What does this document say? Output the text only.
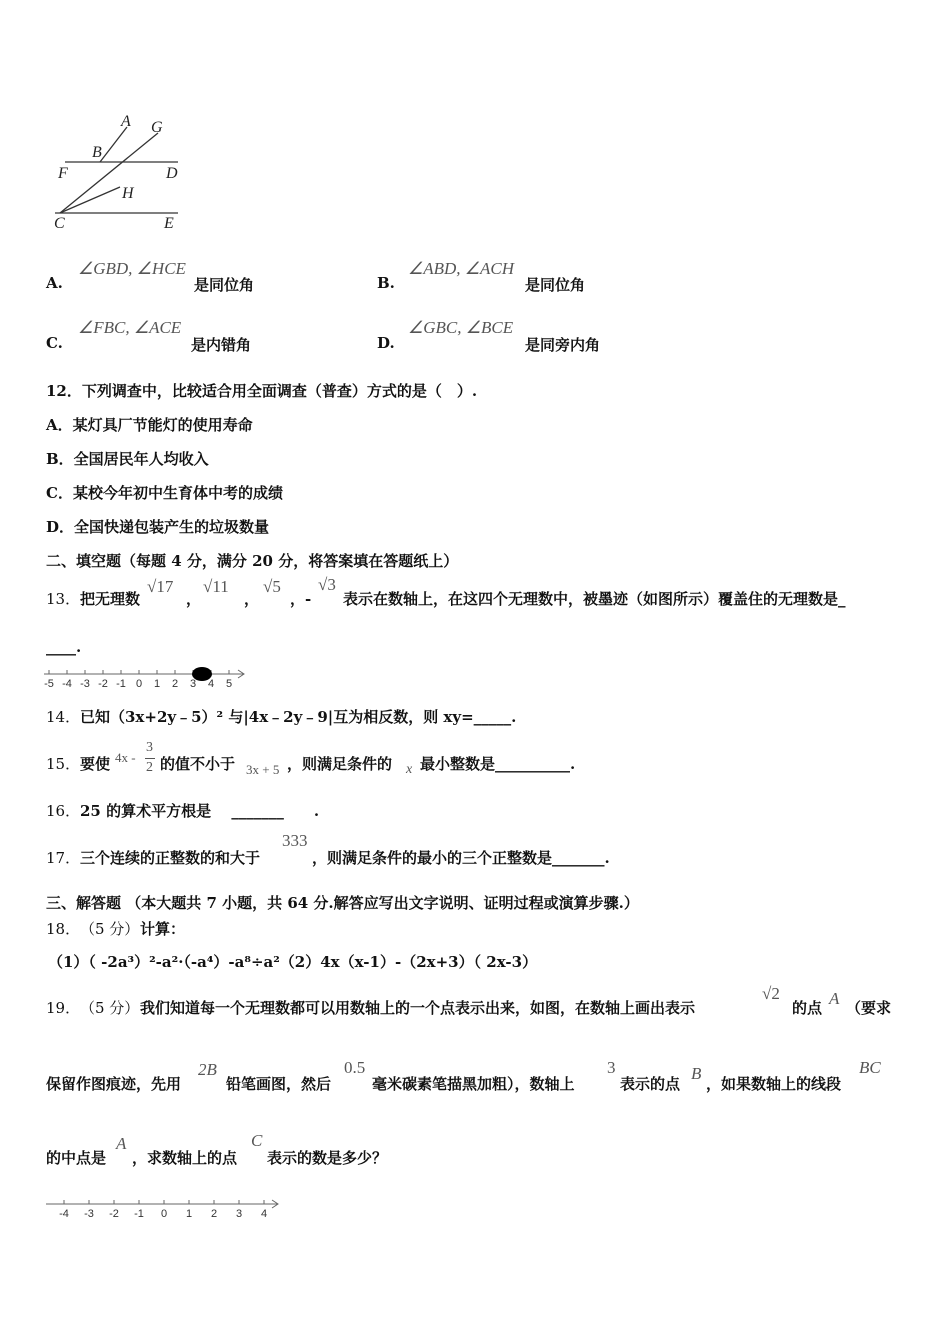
A G
B
F	D
H
C	E
A.
∠GBD, ∠HCE
是同位角	B.
∠ABD, ∠ACH
是同位角
C.
∠FBC, ∠ACE
是内错角	D.
∠GBC, ∠BCE
是同旁内角
12．下列调查中，比较适合用全面调查（普查）方式的是（　）.
A．某灯具厂节能灯的使用寿命
B．全国居民年人均收入
C．某校今年初中生育体中考的成绩
D．全国快递包装产生的垃圾数量
二、填空题（每题 4 分，满分 20 分，将答案填在答题纸上）
13． 把无理数
√17
，
√11
，
√5
，-
√3
表示在数轴上，在这四个无理数中，被墨迹（如图所示）覆盖住的无理数是_
____.
-5 -4 -3 -2 -1 0 1 2 3 4 5
14． 已知（3x+2y﹣5）² 与|4x﹣2y﹣9|互为相反数，则 xy=_____.
15． 要使 4x -
3
2 的值不小于 3x + 5 ，则满足条件的 x 最小整数是__________.
16． 25 的算术平方根是　 _______　　.
17． 三个连续的正整数的和大于
333
，则满足条件的最小的三个正整数是_______.
三、解答题 （本大题共 7 小题，共 64 分.解答应写出文字说明、证明过程或演算步骤.）
18． （5 分） 计算：
（1）（ -2a³）²-a²·（-a⁴）-a⁸÷a²（2）4x（x-1）-（2x+3）（ 2x-3）
19． （5 分） 我们知道每一个无理数都可以用数轴上的一个点表示出来，如图，在数轴上画出表示
√2
的点 A （要求
保留作图痕迹，先用
2B
铅笔画图，然后
0.5
毫米碳素笔描黑加粗），数轴上
3
表示的点
B
，如果数轴上的线段
BC
的中点是
A
，求数轴上的点
C
表示的数是多少？
-4 -3 -2 -1 0 1 2 3 4
